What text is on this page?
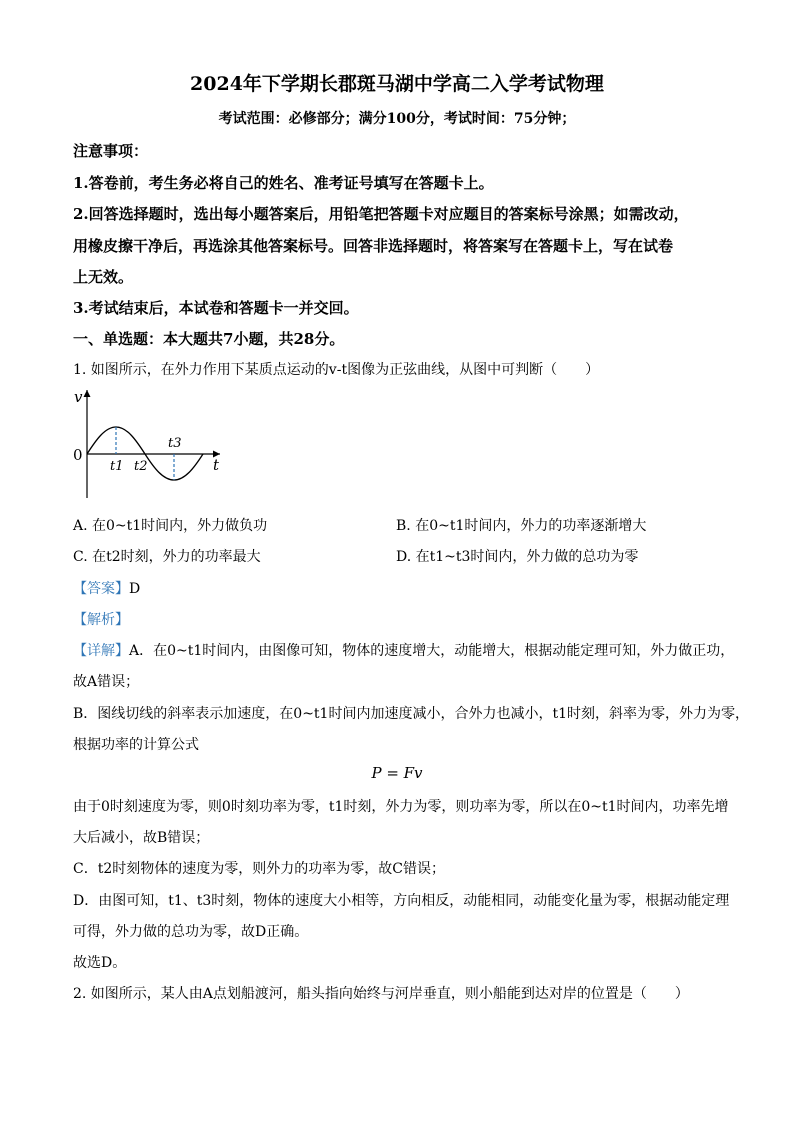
2024年下学期长郡斑马湖中学高二入学考试物理
考试范围：必修部分；满分100分，考试时间：75分钟；
注意事项：
1.答卷前，考生务必将自己的姓名、准考证号填写在答题卡上。
2.回答选择题时，选出每小题答案后，用铅笔把答题卡对应题目的答案标号涂黑；如需改动，
用橡皮擦干净后，再选涂其他答案标号。回答非选择题时，将答案写在答题卡上，写在试卷
上无效。
3.考试结束后，本试卷和答题卡一并交回。
一、单选题：本大题共7小题，共28分。
1. 如图所示，在外力作用下某质点运动的v-t图像为正弦曲线，从图中可判断（　　）
v
t
0
t1 t2
t3
A. 在0~t1时间内，外力做负功	B. 在0~t1时间内，外力的功率逐渐增大
C. 在t2时刻，外力的功率最大	D. 在t1~t3时间内，外力做的总功为零
【答案】D
【解析】
【详解】A．在0~t1时间内，由图像可知，物体的速度增大，动能增大，根据动能定理可知，外力做正功，
故A错误；
B．图线切线的斜率表示加速度，在0~t1时间内加速度减小，合外力也减小，t1时刻，斜率为零，外力为零，
根据功率的计算公式
P = Fv
由于0时刻速度为零，则0时刻功率为零，t1时刻，外力为零，则功率为零，所以在0~t1时间内，功率先增
大后减小，故B错误；
C．t2时刻物体的速度为零，则外力的功率为零，故C错误；
D．由图可知，t1、t3时刻，物体的速度大小相等，方向相反，动能相同，动能变化量为零，根据动能定理
可得，外力做的总功为零，故D正确。
故选D。
2. 如图所示，某人由A点划船渡河，船头指向始终与河岸垂直，则小船能到达对岸的位置是（　　）
